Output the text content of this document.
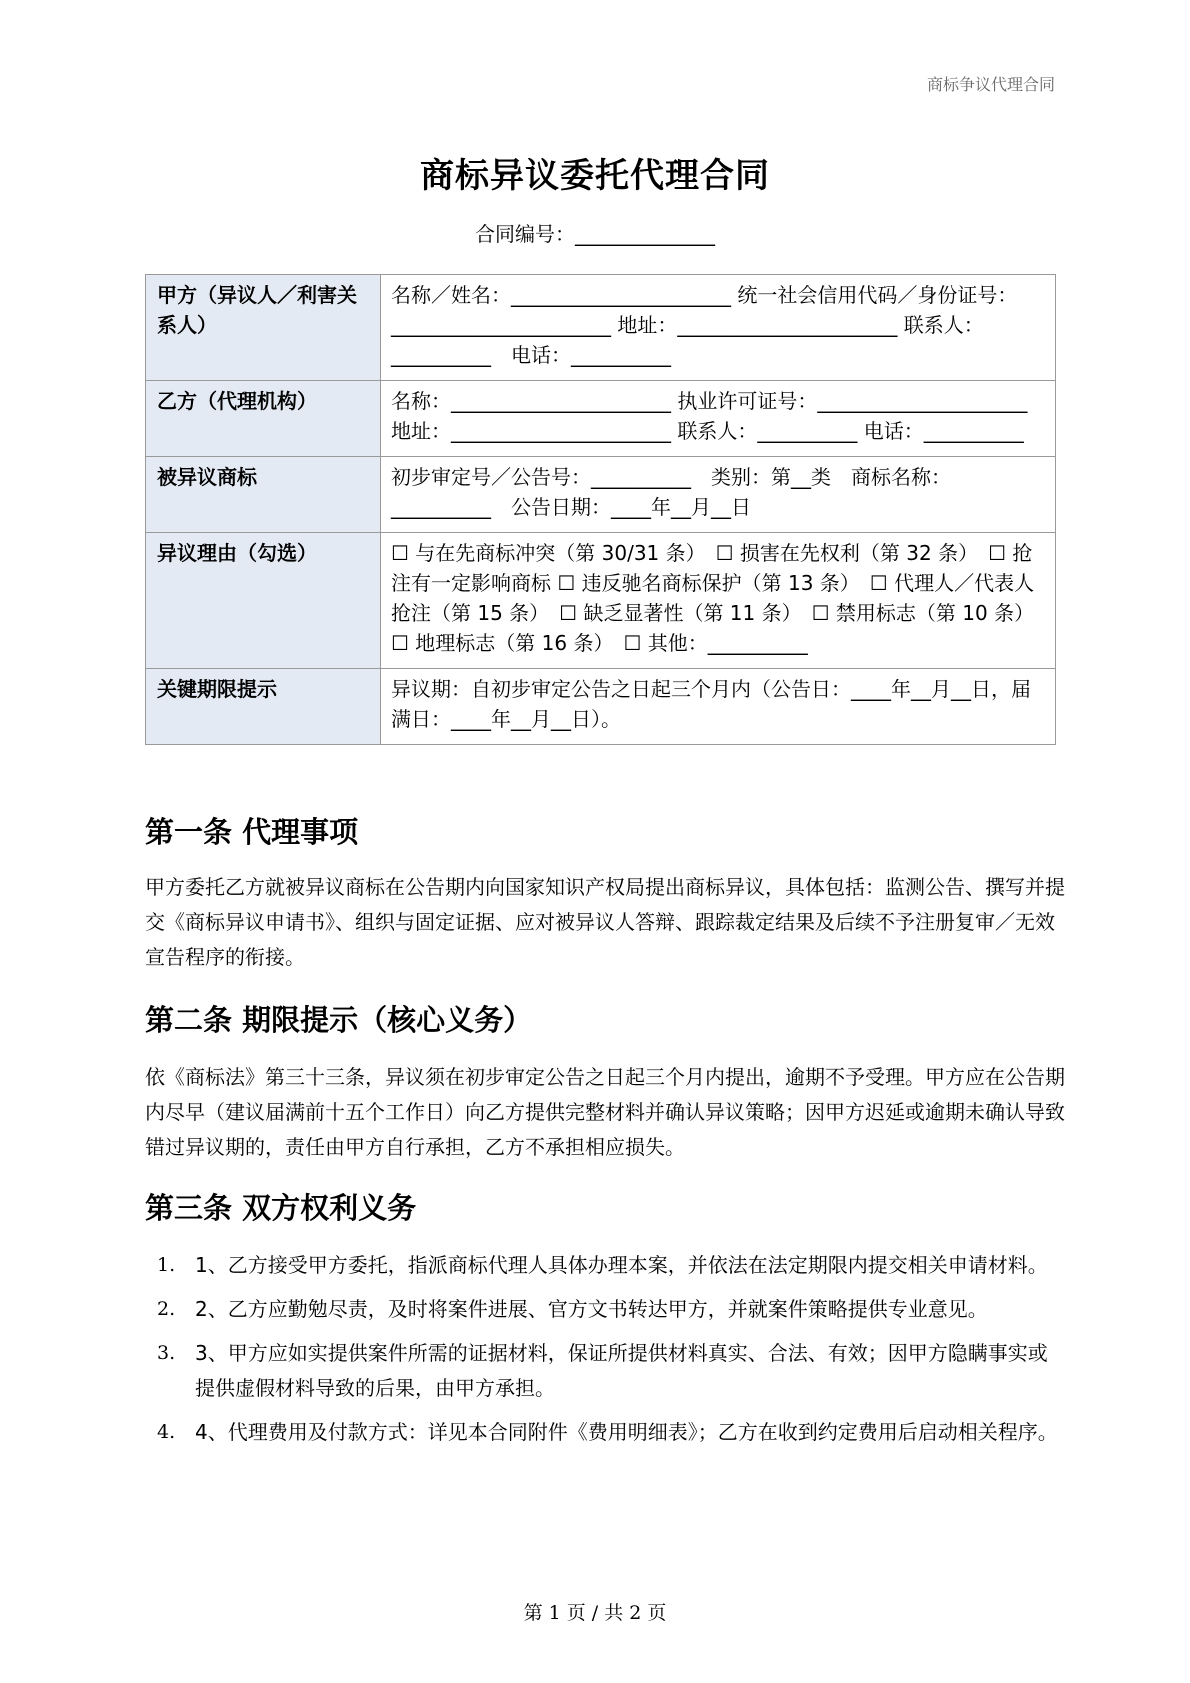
商标争议代理合同
商标异议委托代理合同
合同编号：______________
甲方（异议人／利害关系人）	名称／姓名：______________________ 统一社会信用代码／身份证号：______________________ 地址：______________________ 联系人：__________　电话：__________
乙方（代理机构）	名称：______________________ 执业许可证号：_____________________ 地址：______________________ 联系人：__________ 电话：__________
被异议商标	初步审定号／公告号：__________　类别：第__类　商标名称：__________　公告日期：____年__月__日
异议理由（勾选）	☐ 与在先商标冲突（第 30/31 条）　☐ 损害在先权利（第 32 条）　☐ 抢注有一定影响商标 ☐ 违反驰名商标保护（第 13 条）　☐ 代理人／代表人抢注（第 15 条）　☐ 缺乏显著性（第 11 条）　☐ 禁用标志（第 10 条）　☐ 地理标志（第 16 条）　☐ 其他：__________
关键期限提示	异议期：自初步审定公告之日起三个月内（公告日：____年__月__日，届满日：____年__月__日）。
第一条 代理事项

甲方委托乙方就被异议商标在公告期内向国家知识产权局提出商标异议，具体包括：监测公告、撰写并提交《商标异议申请书》、组织与固定证据、应对被异议人答辩、跟踪裁定结果及后续不予注册复审／无效宣告程序的衔接。

第二条 期限提示（核心义务）

依《商标法》第三十三条，异议须在初步审定公告之日起三个月内提出，逾期不予受理。甲方应在公告期内尽早（建议届满前十五个工作日）向乙方提供完整材料并确认异议策略；因甲方迟延或逾期未确认导致错过异议期的，责任由甲方自行承担，乙方不承担相应损失。

第三条 双方权利义务
1. 1、乙方接受甲方委托，指派商标代理人具体办理本案，并依法在法定期限内提交相关申请材料。
2. 2、乙方应勤勉尽责，及时将案件进展、官方文书转达甲方，并就案件策略提供专业意见。
3. 3、甲方应如实提供案件所需的证据材料，保证所提供材料真实、合法、有效；因甲方隐瞒事实或提供虚假材料导致的后果，由甲方承担。
4. 4、代理费用及付款方式：详见本合同附件《费用明细表》；乙方在收到约定费用后启动相关程序。
第 1 页 / 共 2 页
